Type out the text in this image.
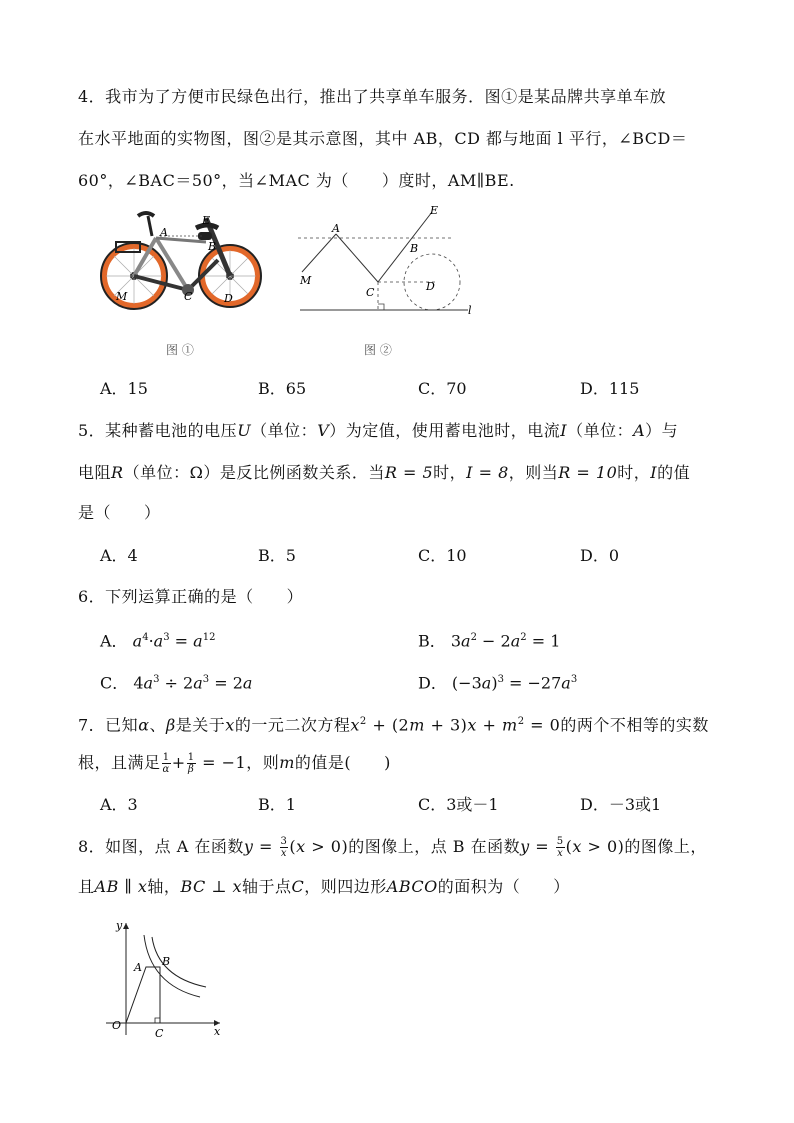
4．我市为了方便市民绿色出行，推出了共享单车服务．图①是某品牌共享单车放
在水平地面的实物图，图②是其示意图，其中 AB，CD 都与地面 l 平行，∠BCD＝
60°，∠BAC＝50°，当∠MAC 为（　　）度时，AM∥BE.
A
E
B
M	C	D
图 ①
A
E
B
M
C	D
l
图 ②
A．15	B．65	C．70	D．115
5．某种蓄电池的电压U（单位：V）为定值，使用蓄电池时，电流I（单位：A）与
电阻R（单位：Ω）是反比例函数关系．当R = 5时，I = 8，则当R = 10时，I的值
是（　　）
A．4	B．5	C．10	D．0
6．下列运算正确的是（　　）
A． $a^4\cdot a^3 = a^{12}$	B． $3a^2 - 2a^2 = 1$
C． $4a^3 \div 2a^3 = 2a$	D． $(-3a)^3 = -27a^3$
7．已知α、β是关于x的一元二次方程$x^2 + (2m + 3)x + m^2 = 0$的两个不相等的实数
根，且满足 $\frac{1}{\alpha} + \frac{1}{\beta} = -1$，则m的值是(　　)
A．3	B．1	C．3或－1	D．－3或1
8．如图，点 A 在函数$y = \frac{3}{x} (x > 0)$的图像上，点 B 在函数$y = \frac{5}{x} (x > 0)$的图像上，
且AB ∥ x轴，BC ⊥ x轴于点C，则四边形ABCO的面积为（　　）
y
A B
O
C	x
